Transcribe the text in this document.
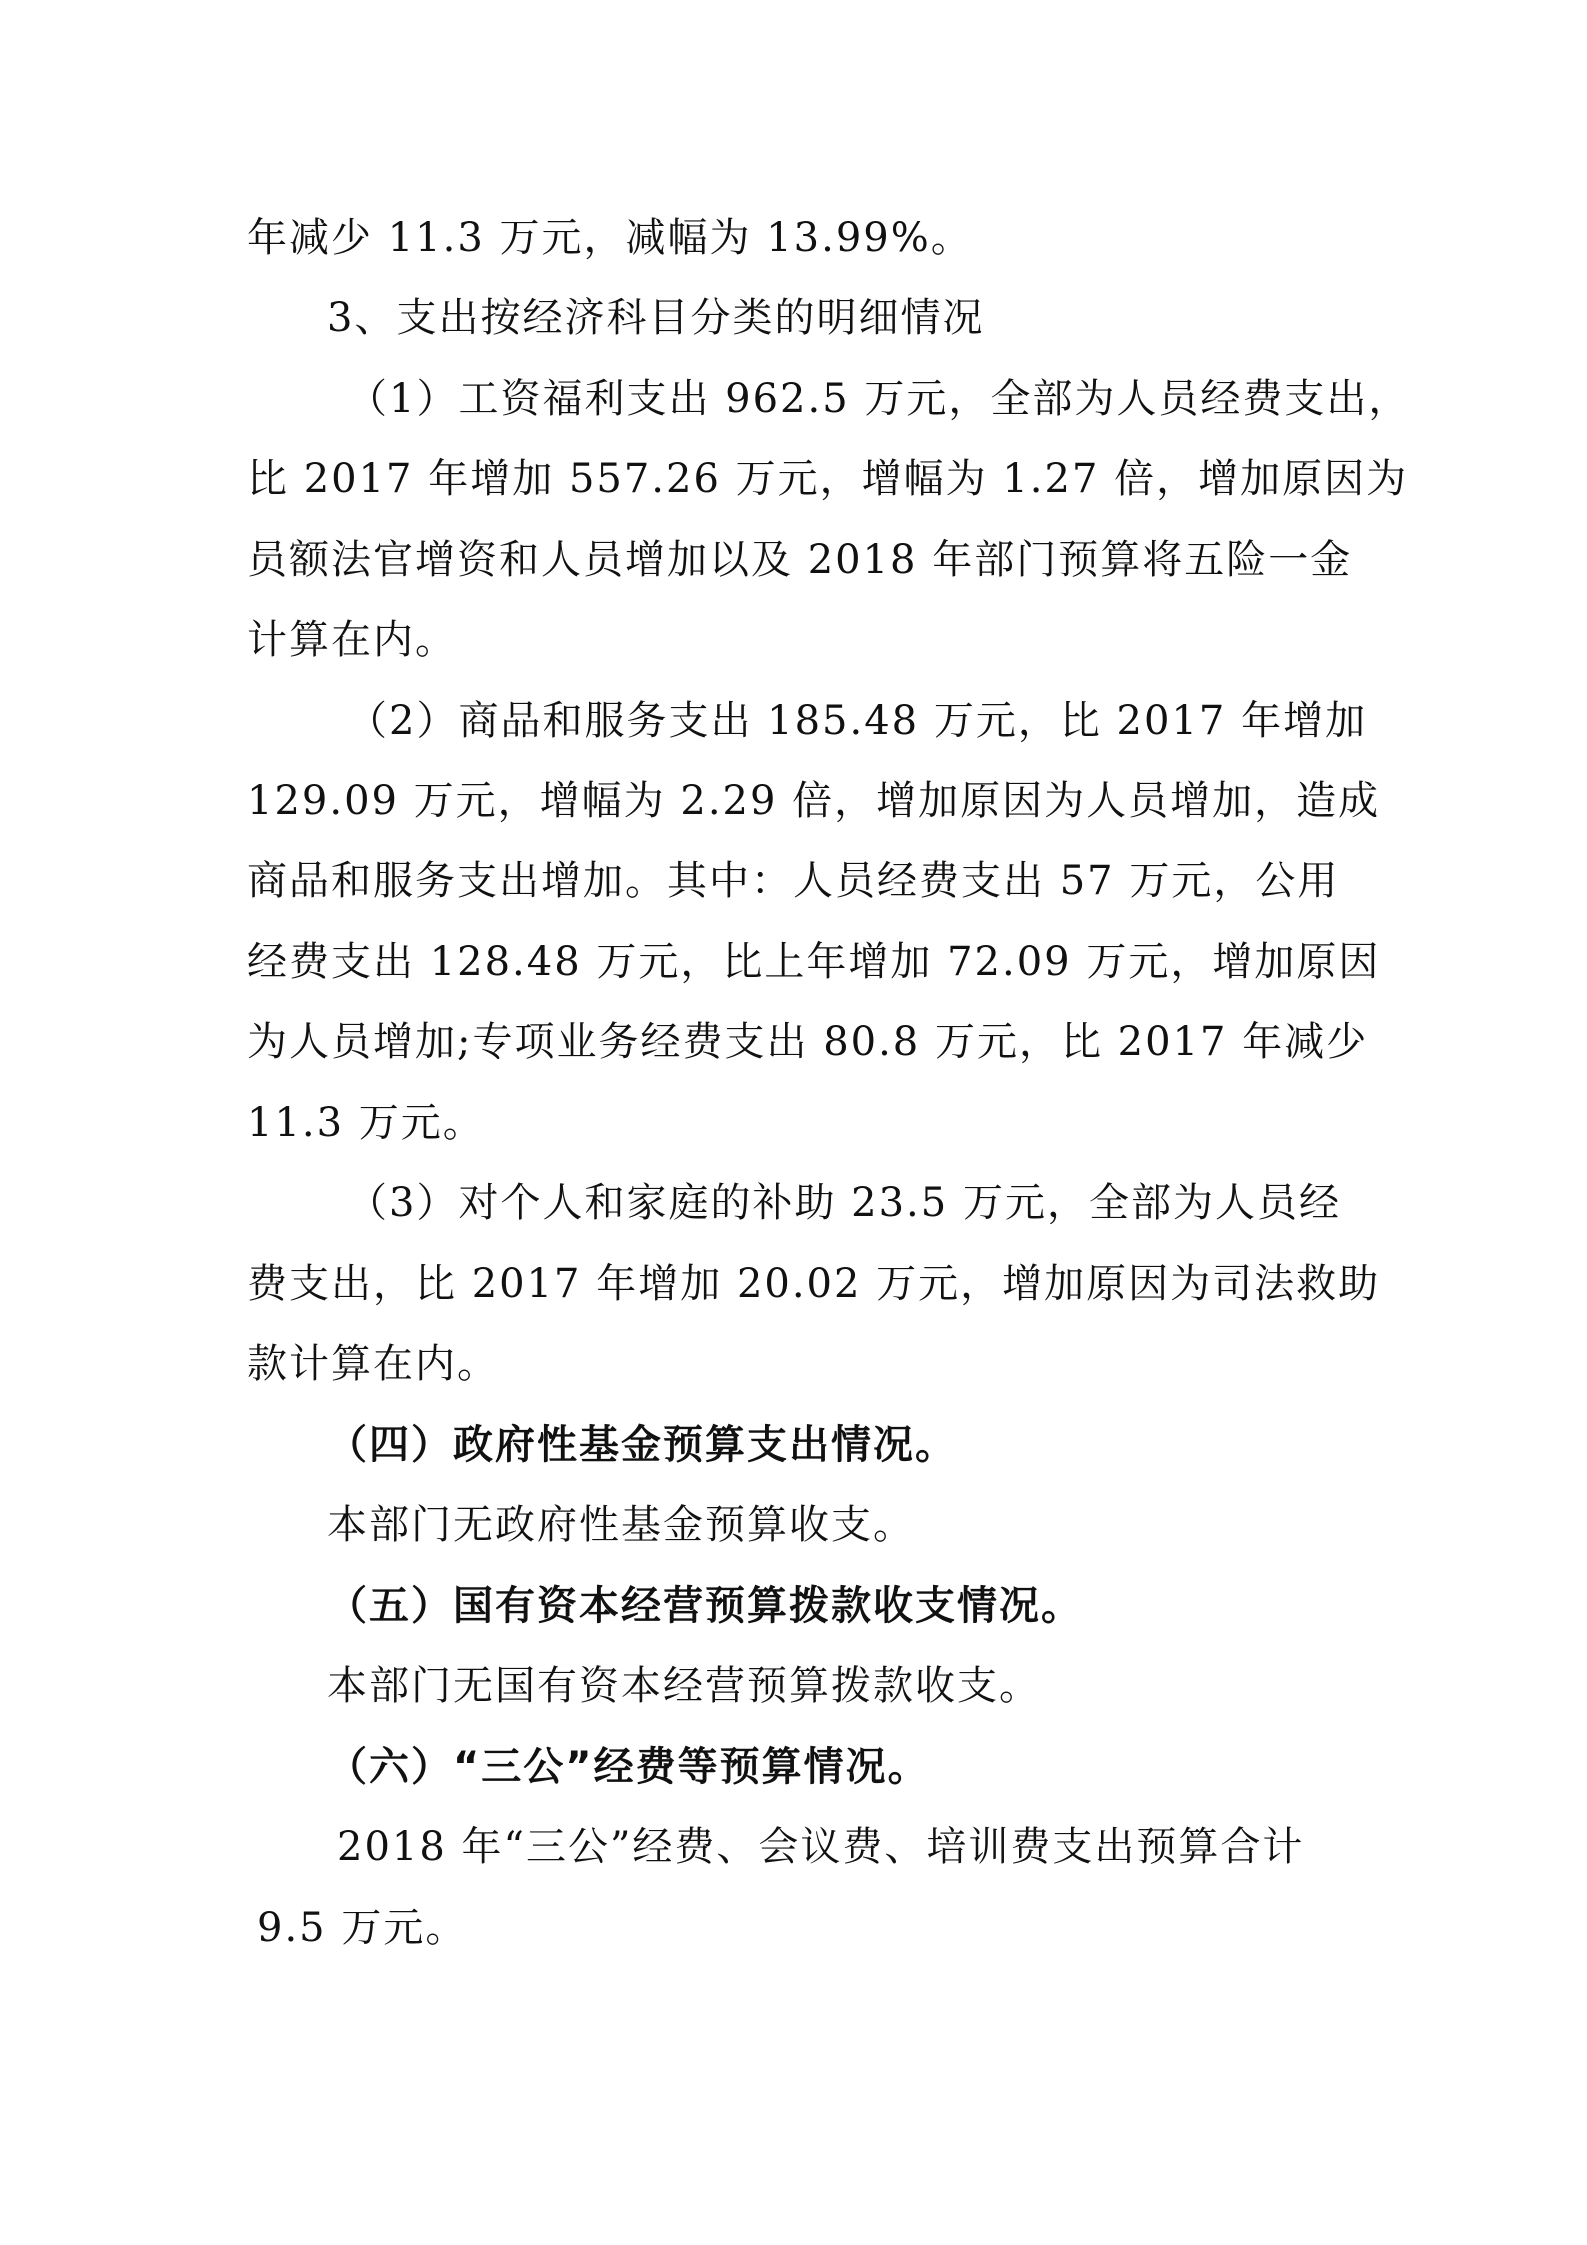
年减少 11.3 万元，减幅为 13.99%。
3、支出按经济科目分类的明细情况
（1）工资福利支出 962.5 万元，全部为人员经费支出，
比 2017 年增加 557.26 万元，增幅为 1.27 倍，增加原因为
员额法官增资和人员增加以及 2018 年部门预算将五险一金
计算在内。
（2）商品和服务支出 185.48 万元，比 2017 年增加
129.09 万元，增幅为 2.29 倍，增加原因为人员增加，造成
商品和服务支出增加。其中：人员经费支出 57 万元，公用
经费支出 128.48 万元，比上年增加 72.09 万元，增加原因
为人员增加;专项业务经费支出 80.8 万元，比 2017 年减少
11.3 万元。
（3）对个人和家庭的补助 23.5 万元，全部为人员经
费支出，比 2017 年增加 20.02 万元，增加原因为司法救助
款计算在内。
（四）政府性基金预算支出情况。
本部门无政府性基金预算收支。
（五）国有资本经营预算拨款收支情况。
本部门无国有资本经营预算拨款收支。
（六）“三公”经费等预算情况。
2018 年“三公”经费、会议费、培训费支出预算合计
9.5 万元。
